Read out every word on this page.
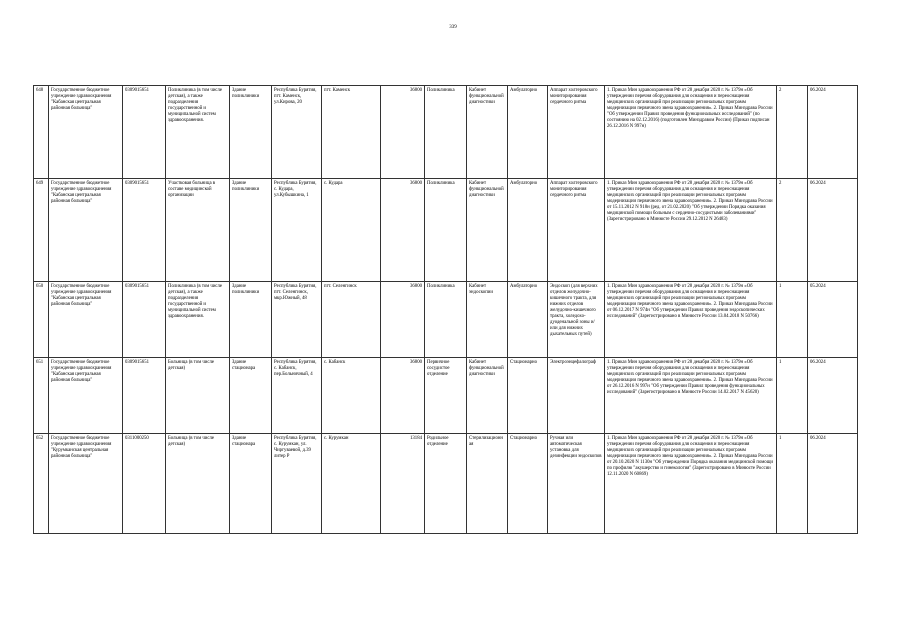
339
648	Государственное бюджетное учреждение здравоохранения "Кабанская центральная районная больница"	0309015651	Поликлиника (в том числе детская), а также подразделения государственной и муниципальной систем здравоохранения.	Здание поликлиники	Республика Бурятия, пгт. Каменск, ул.Кирова, 20	пгт. Каменск	36800	Поликлиника	Кабинет функциональной диагностики	Амбулаторно	Аппарат холтеровского мониторирования сердечного ритма	1. Приказ Мин здравоохранения РФ от 28 декабря 2020 г. № 1379н «Об утверждении перечня оборудования для оснащения и переоснащения медицинских организаций при реализации региональных программ модернизации первичного звена здравоохранения». 2. Приказ Минздрава России "Об утверждении Правил проведения функциональных исследований" (по состоянию на 02.12.2016) (подготовлен Минздравом России) (Приказ подписан 26.12.2016 N 997н)	2	06.2024
649	Государственное бюджетное учреждение здравоохранения "Кабанская центральная районная больница"	0309015651	Участковая больница в составе медицинской организации	Здание поликлиники	Республика Бурятия, с. Кудара, ул.Кубышкина, 1	с. Кудара	36800	Поликлиника	Кабинет функциональной диагностики	Амбулаторно	Аппарат холтеровского мониторирования сердечного ритма	1. Приказ Мин здравоохранения РФ от 28 декабря 2020 г. № 1379н «Об утверждении перечня оборудования для оснащения и переоснащения медицинских организаций при реализации региональных программ модернизации первичного звена здравоохранения». 2. Приказ Минздрава России от 15.11.2012 N 918н (ред. от 21.02.2020) "Об утверждении Порядка оказания медицинской помощи больным с сердечно-сосудистыми заболеваниями" (Зарегистрировано в Минюсте России 29.12.2012 N 26483)	2	06.2024
650	Государственное бюджетное учреждение здравоохранения "Кабанская центральная районная больница"	0309015651	Поликлиника (в том числе детская), а также подразделения государственной и муниципальной систем здравоохранения.	Здание поликлиники	Республика Бурятия, пгт. Селенгинск, мкр.Южный, 48	пгт. Селенгинск	36800	Поликлиника	Кабинет эндоскопии	Амбулаторно	Эндоскоп (для верхних отделов желудочно-кишечного тракта, для нижних отделов желудочно-кишечного тракта, холедохо-дуоденальной зоны и/или для нижних дыхательных путей)	1. Приказ Мин здравоохранения РФ от 28 декабря 2020 г. № 1379н «Об утверждении перечня оборудования для оснащения и переоснащения медицинских организаций при реализации региональных программ модернизации первичного звена здравоохранения». 2. Приказ Минздрава России от 06.12.2017 N 974н "Об утверждении Правил проведения эндоскопических исследований" (Зарегистрировано в Минюсте России 13.04.2018 N 50766)	1	05.2024
651	Государственное бюджетное учреждение здравоохранения "Кабанская центральная районная больница"	0309015651	Больница (в том числе детская)	Здание стационара	Республика Бурятия, с. Кабанск, пер.Больничный, 4	с. Кабанск	36800	Первичное сосудистое отделение	Кабинет функциональной диагностики	Стационарно	Электроэнцефалограф	1. Приказ Мин здравоохранения РФ от 28 декабря 2020 г. № 1379н «Об утверждении перечня оборудования для оснащения и переоснащения медицинских организаций при реализации региональных программ модернизации первичного звена здравоохранения». 2. Приказ Минздрава России от 26.12.2016 N 997н "Об утверждении Правил проведения функциональных исследований" (Зарегистрировано в Минюсте России 14.02.2017 N 45620)	1	06.2024
652	Государственное бюджетное учреждение здравоохранения "Курумканская центральная районная больница"	0311000250	Больница (в том числе детская)	Здание стационара	Республика Бурятия, с. Курумкан, ул. Чиргуваевой, д.39 литер Р	с. Курумкан	13184	Родильное отделение	Стерилизационная	Стационарно	Ручная или автоматическая установка для дезинфекции эндоскопов	1. Приказ Мин здравоохранения РФ от 28 декабря 2020 г. № 1379н «Об утверждении перечня оборудования для оснащения и переоснащения медицинских организаций при реализации региональных программ модернизации первичного звена здравоохранения». 2. Приказ Минздрава России от 20.10.2020 N 1130н "Об утверждении Порядка оказания медицинской помощи по профилю "акушерство и гинекология" (Зарегистрировано в Минюсте России 12.11.2020 N 60869)	1	06.2024
